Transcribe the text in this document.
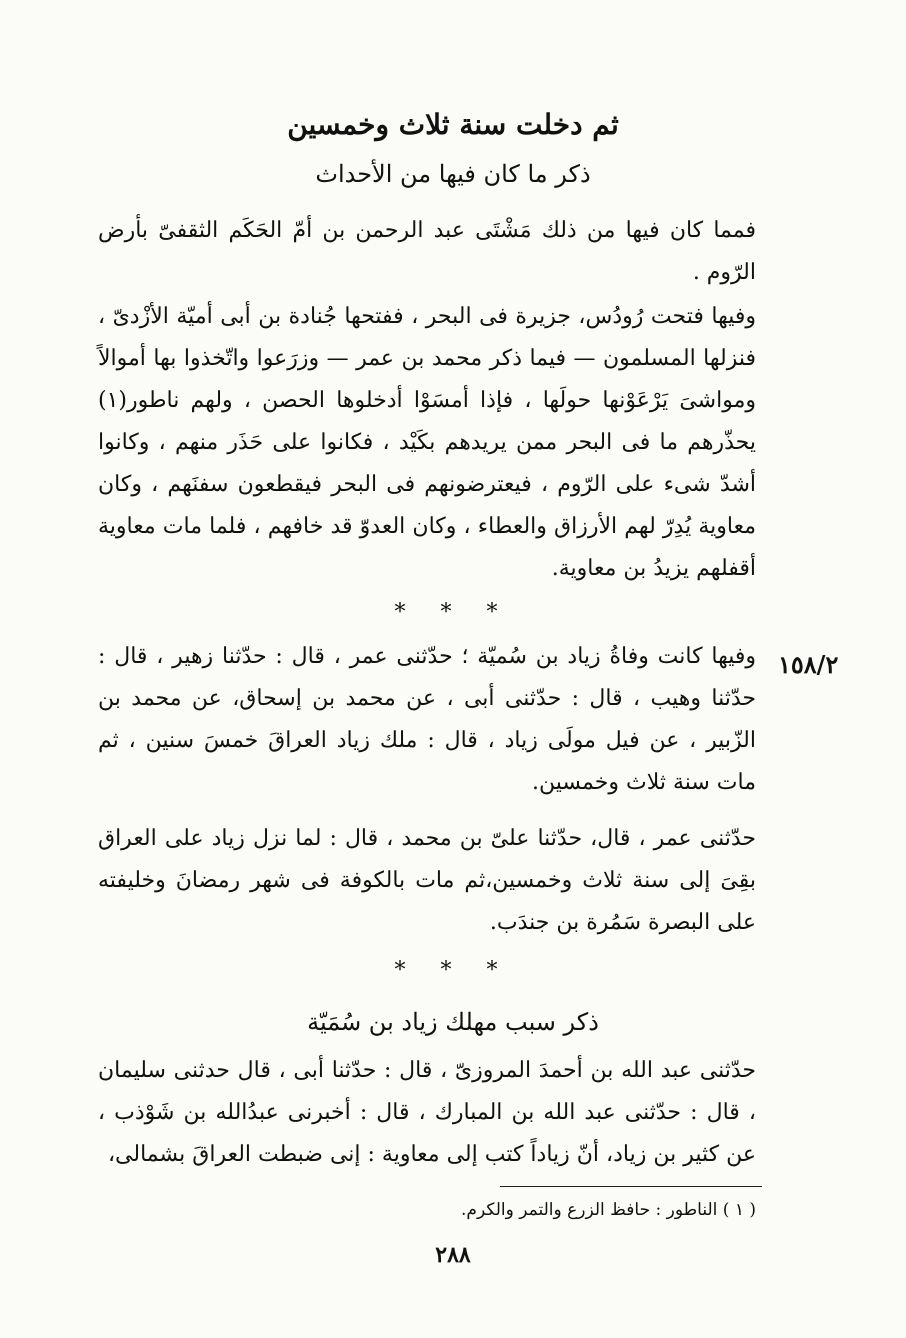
ثم دخلت سنة ثلاث وخمسين
ذكر ما كان فيها من الأحداث

فمما كان فيها من ذلك مَشْتَى عبد الرحمن بن أمّ الحَكَم الثقفىّ بأرض الرّوم .

وفيها فتحت رُودُس، جزيرة فى البحر ، ففتحها جُنادة بن أبى أميّة الأزْدىّ ، فنزلها المسلمون — فيما ذكر محمد بن عمر — وزرَعوا واتّخذوا بها أموالاً ومواشىَ يَرْعَوْنها حولَها ، فإذا أمسَوْا أدخلوها الحصن ، ولهم ناطور(١) يحذّرهم ما فى البحر ممن يريدهم بكَيْد ، فكانوا على حَذَر منهم ، وكانوا أشدّ شىء على الرّوم ، فيعترضونهم فى البحر فيقطعون سفنَهم ، وكان معاوية يُدِرّ لهم الأرزاق والعطاء ، وكان العدوّ قد خافهم ، فلما مات معاوية أقفلهم يزيدُ بن معاوية.

* * *
١٥٨/٢

وفيها كانت وفاةُ زياد بن سُميّة ؛ حدّثنى عمر ، قال : حدّثنا زهير ، قال : حدّثنا وهيب ، قال : حدّثنى أبى ، عن محمد بن إسحاق، عن محمد بن الزّبير ، عن فيل مولَى زياد ، قال : ملك زياد العراقَ خمسَ سنين ، ثم مات سنة ثلاث وخمسين.

حدّثنى عمر ، قال، حدّثنا علىّ بن محمد ، قال : لما نزل زياد على العراق بقِىَ إلى سنة ثلاث وخمسين،ثم مات بالكوفة فى شهر رمضانَ وخليفته على البصرة سَمُرة بن جندَب.

* * *
ذكر سبب مهلك زياد بن سُمَيّة

حدّثنى عبد الله بن أحمدَ المروزىّ ، قال : حدّثنا أبى ، قال حدثنى سليمان ، قال : حدّثنى عبد الله بن المبارك ، قال : أخبرنى عبدُالله بن شَوْذب ، عن كثير بن زياد، أنّ زياداً كتب إلى معاوية : إنى ضبطت العراقَ بشمالى،

( ١ ) الناطور : حافظ الزرع والتمر والكرم.
٢٨٨
